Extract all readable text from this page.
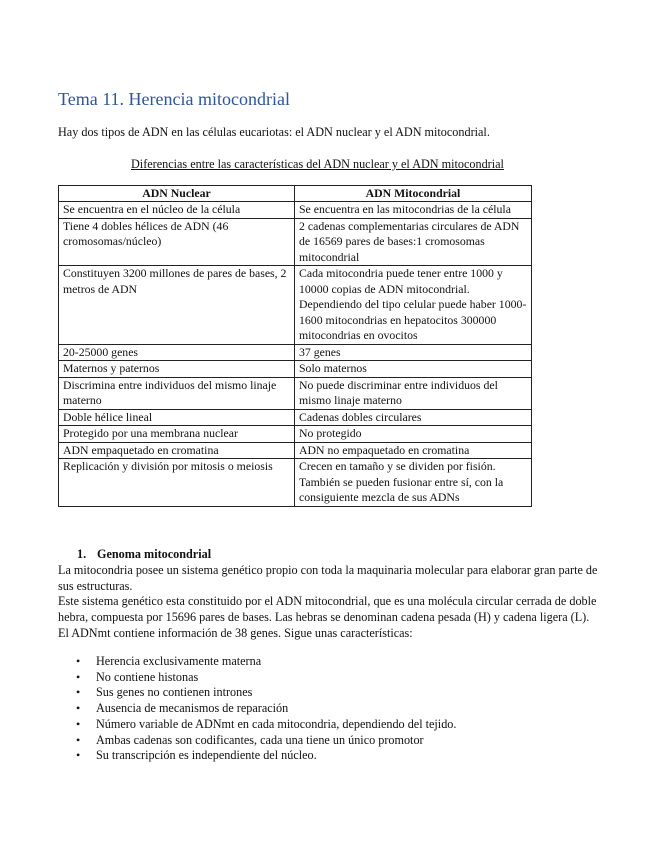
Tema 11. Herencia mitocondrial

Hay dos tipos de ADN en las células eucariotas: el ADN nuclear y el ADN mitocondrial.

Diferencias entre las características del ADN nuclear y el ADN mitocondrial

ADN Nuclear	ADN Mitocondrial
Se encuentra en el núcleo de la célula	Se encuentra en las mitocondrias de la célula
Tiene 4 dobles hélices de ADN (46 cromosomas/núcleo)	2 cadenas complementarias circulares de ADN de 16569 pares de bases:1 cromosomas mitocondrial
Constituyen 3200 millones de pares de bases, 2 metros de ADN	Cada mitocondria puede tener entre 1000 y 10000 copias de ADN mitocondrial. Dependiendo del tipo celular puede haber 1000-1600 mitocondrias en hepatocitos 300000 mitocondrias en ovocitos
20-25000 genes	37 genes
Maternos y paternos	Solo maternos
Discrimina entre individuos del mismo linaje materno	No puede discriminar entre individuos del mismo linaje materno
Doble hélice lineal	Cadenas dobles circulares
Protegido por una membrana nuclear	No protegido
ADN empaquetado en cromatina	ADN no empaquetado en cromatina
Replicación y división por mitosis o meiosis	Crecen en tamaño y se dividen por fisión. También se pueden fusionar entre sí, con la consiguiente mezcla de sus ADNs

1. Genoma mitocondrial

La mitocondria posee un sistema genético propio con toda la maquinaria molecular para elaborar gran parte de sus estructuras.

Este sistema genético esta constituido por el ADN mitocondrial, que es una molécula circular cerrada de doble hebra, compuesta por 15696 pares de bases. Las hebras se denominan cadena pesada (H) y cadena ligera (L). El ADNmt contiene información de 38 genes. Sigue unas características:

• Herencia exclusivamente materna
• No contiene histonas
• Sus genes no contienen intrones
• Ausencia de mecanismos de reparación
• Número variable de ADNmt en cada mitocondria, dependiendo del tejido.
• Ambas cadenas son codificantes, cada una tiene un único promotor
• Su transcripción es independiente del núcleo.
